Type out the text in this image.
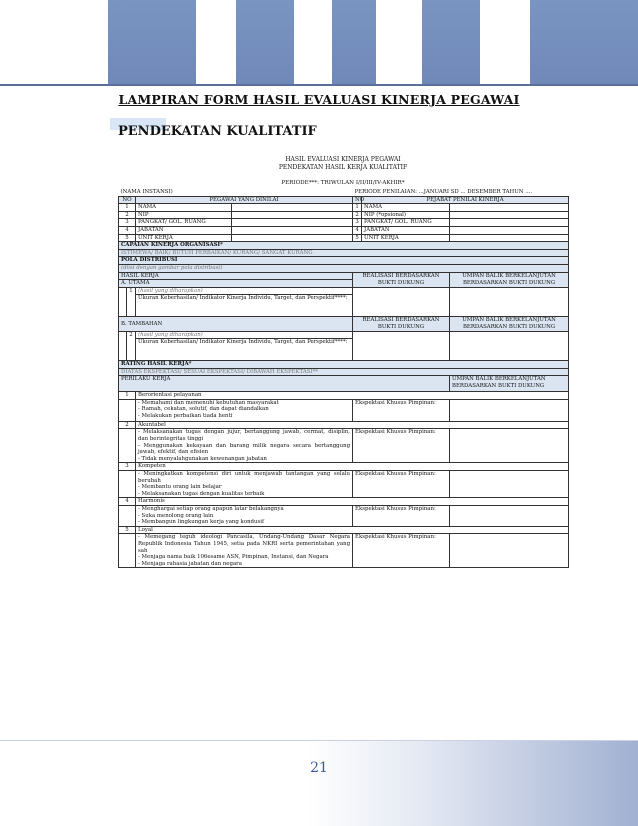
LAMPIRAN FORM HASIL EVALUASI KINERJA PEGAWAI
PENDEKATAN KUALITATIF
HASIL EVALUASI KINERJA PEGAWAI
PENDEKATAN HASIL KERJA KUALITATIF
PERIODE***: TRIWULAN I/II/III/IV-AKHIR*
(NAMA INSTANSI)				PERIODE PENILAIAN: ...JANUARI SD ... DESEMBER TAHUN ....		
NO		PEGAWAI YANG DINILAI		NO	PEJABAT PENILAI KINERJA	
1		NAMA		1	NAMA	
2		NIP		2	NIP (*opsional)	
3		PANGKAT/ GOL. RUANG		3	PANGKAT/ GOL. RUANG	
4		JABATAN		4	JABATAN	
5		UNIT KERJA		5	UNIT KERJA	
CAPAIAN KINERJA ORGANISASI*						
ISTIMEWA/ BAIK/ BUTUH PERBAIKAN/ KURANG/ SANGAT KURANG						
POLA DISTRIBUSI						
(diisi dengan gambar pola distribusi)						
HASIL KERJA				REALISASI BERDASARKAN BUKTI DUKUNG		UMPAN BALIK BERKELANJUTAN BERDASARKAN BUKTI DUKUNG
A. UTAMA						
	1	(hasil yang diharapkan)				
		Ukuran Keberhasilan/ Indikator Kinerja Individu, Target, dan Perspektif****:				
B. TAMBAHAN				REALISASI BERDASARKAN BUKTI DUKUNG		UMPAN BALIK BERKELANJUTAN BERDASARKAN BUKTI DUKUNG
	2	(hasil yang diharapkan)				
		Ukuran Keberhasilan/ Indikator Kinerja Individu, Target, dan Perspektif****:				
RATING HASIL KERJA*						
DIATAS EKSPEKTASI/ SESUAI EKSPEKTASI/ DIBAWAH EKSPEKTASI**						
PERILAKU KERJA						UMPAN BALIK BERKELANJUTAN BERDASARKAN BUKTI DUKUNG
1		Berorientasi pelayanan				

		- Memahami dan memenuhi kebutuhan masyarakat
- Ramah, cekatan, solutif, dan dapat diandalkan
- Melakukan perbaikan tiada henti		Ekspektasi Khusus Pimpinan:		
2		Akuntabel				

		- Melaksanakan tugas dengan jujur, bertanggung jawab, cermat, disiplin, dan berintegritas tinggi
- Menggunakan kekayaan dan barang milik negara secara bertanggung jawab, efektif, dan efisien
- Tidak menyalahgunakan kewenangan jabatan		Ekspektasi Khusus Pimpinan:		
3		Kompeten				

		- Meningkatkan kompetensi diri untuk menjawab tantangan yang selalu berubah
- Membantu orang lain belajar
- Melaksanakan tugas dengan kualitas terbaik		Ekspektasi Khusus Pimpinan:		
4		Harmonis				

		- Menghargai setiap orang apapun latar belakangnya
- Suka menolong orang lain
- Membangun lingkungan kerja yang kondusif		Ekspektasi Khusus Pimpinan:		
5		Loyal				

		- Memegang teguh ideologi Pancasila, Undang-Undang Dasar Negara Republik Indonesia Tahun 1945, setia pada NKRI serta pemerintahan yang sah
- Menjaga nama baik 106esame ASN, Pimpinan, Instansi, dan Negara
- Menjaga rahasia jabatan dan negara		Ekspektasi Khusus Pimpinan:		
21
